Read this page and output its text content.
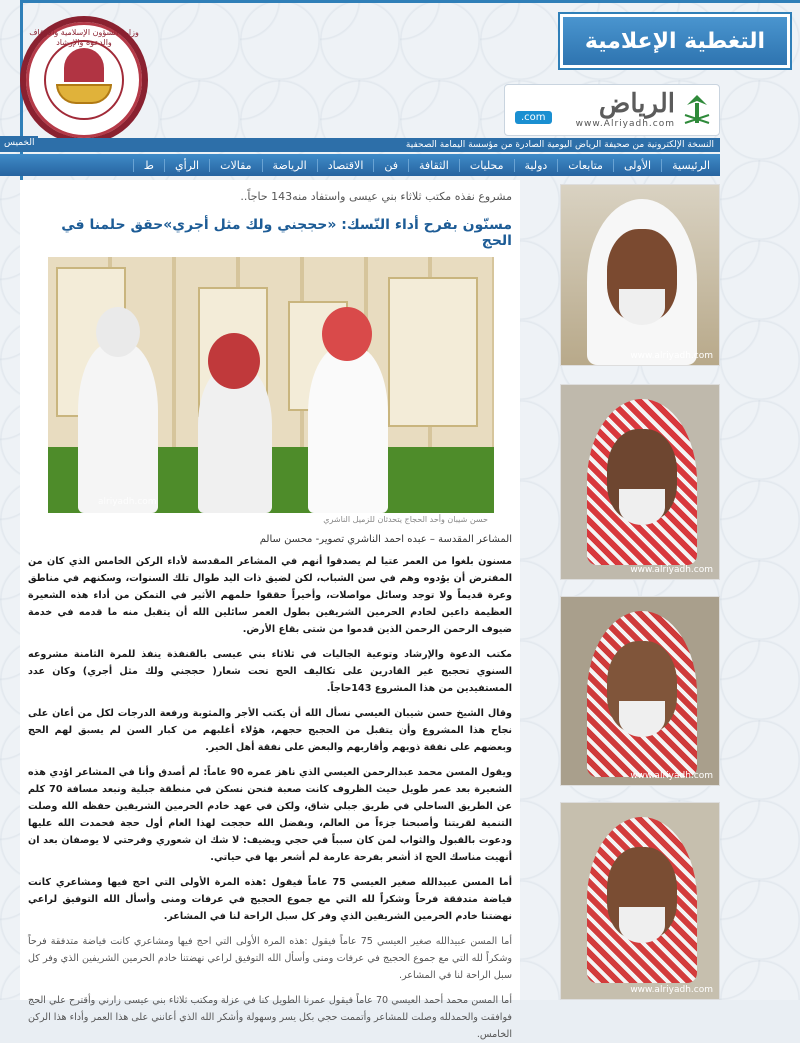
وزارة الشؤون الإسلامية والأوقاف والدعوة والإرشاد	التغطية الإعلامية
الرياض
www.Alriyadh.com
.com
النسخة الإلكترونية من صحيفة الرياض اليومية الصادرة من مؤسسة اليمامة الصحفية
الخميس
الرئيسية
الأولى
متابعات
دولية
محليات
الثقافة
فن
الاقتصاد
الرياضة
مقالات
الرأي
ط
مشروع نفذه مكتب ثلاثاء بني عيسى واستفاد منه143 حاجاً..
مسنّون بفرح أداء النّسك: «حججني ولك مثل أجري»حقق حلمنا في الحج
alriyadh.com
حسن شيبان وأحد الحجاج يتحدثان للزميل الناشري
المشاعر المقدسة – عبده احمد الناشري تصوير- محسن سالم

مسنون بلغوا من العمر عتيا لم يصدقوا أنهم في المشاعر المقدسة لأداء الركن الخامس الذي كان من المفترض أن يؤدوه وهم في سن الشباب، لكن لضيق ذات اليد طوال تلك السنوات، وسكنهم في مناطق وعرة قديماً ولا توجد وسائل مواصلات، وأخيراً حققوا حلمهم الأثير في التمكن من أداء هذه الشعيرة العظيمة داعين لخادم الحرمين الشريفين بطول العمر سائلين الله أن يتقبل منه ما قدمه في خدمة ضيوف الرحمن الرحمن الذين قدموا من شتى بقاع الأرض.

مكتب الدعوة والإرشاد وتوعية الجاليات في ثلاثاء بني عيسى بالقنفذة ينفذ للمرة الثامنة مشروعه السنوي تحجيج غير القادرين على تكاليف الحج تحت شعار( حججني ولك مثل أجري) وكان عدد المستفيدين من هذا المشروع 143حاجاً.

وقال الشيخ حسن شيبان العيسي نسأل الله أن يكتب الأجر والمثوبة ورفعة الدرجات لكل من أعان على نجاح هذا المشروع وأن يتقبل من الحجيج حجهم، هؤلاء أغلبهم من كبار السن لم يسبق لهم الحج وبعضهم على نفقة ذويهم وأقاربهم والبعض على نفقة أهل الخير.

ويقول المسن محمد عبدالرحمن العيسي الذي ناهز عمره 90 عاماً: لم أصدق وأنا في المشاعر اؤدي هذه الشعيرة بعد عمر طويل حيث الظروف كانت صعبة فنحن نسكن في منطقة جبلية ونبعد مسافة 70 كلم عن الطريق الساحلي في طريق جبلي شاق، ولكن في عهد خادم الحرمين الشريفين حفظه الله وصلت التنمية لقريتنا وأصبحنا جزءاً من العالم، وبفضل الله حججت لهذا العام أول حجة فحمدت الله عليها ودعوت بالقبول والثواب لمن كان سبباً في حجي ويضيف: لا شك ان شعوري وفرحتي لا يوصفان بعد ان أنهيت مناسك الحج اذ أشعر بفرحة عارمة لم أشعر بها في حياتي.

أما المسن عبيدالله صغير العيسي 75 عاماً فيقول :هذه المرة الأولى التي احج فيها ومشاعري كانت فياضة متدفقة فرحاً وشكراً لله التي مع جموع الحجيج في عرفات ومنى وأسأل الله التوفيق لراعي نهضتنا خادم الحرمين الشريفين الذي وفر كل سبل الراحة لنا في المشاعر.

أما المسن عبيدالله صغير العيسي 75 عاماً فيقول :هذه المرة الأولى التي احج فيها ومشاعري كانت فياضة متدفقة فرحاً وشكراً لله التي مع جموع الحجيج في عرفات ومنى وأسأل الله التوفيق لراعي نهضتنا خادم الحرمين الشريفين الذي وفر كل سبل الراحة لنا في المشاعر.

أما المسن محمد أحمد العيسي 70 عاماً فيقول عمرنا الطويل كنا في عزلة ومكتب ثلاثاء بني عيسى زارني وأقترح علي الحج فوافقت والحمدلله وصلت للمشاعر وأتممت حجي بكل يسر وسهولة وأشكر الله الذي أعانني على هذا العمر وأداء هذا الركن الخامس.

www.alriyadh.com
www.alriyadh.com
www.alriyadh.com
www.alriyadh.com
